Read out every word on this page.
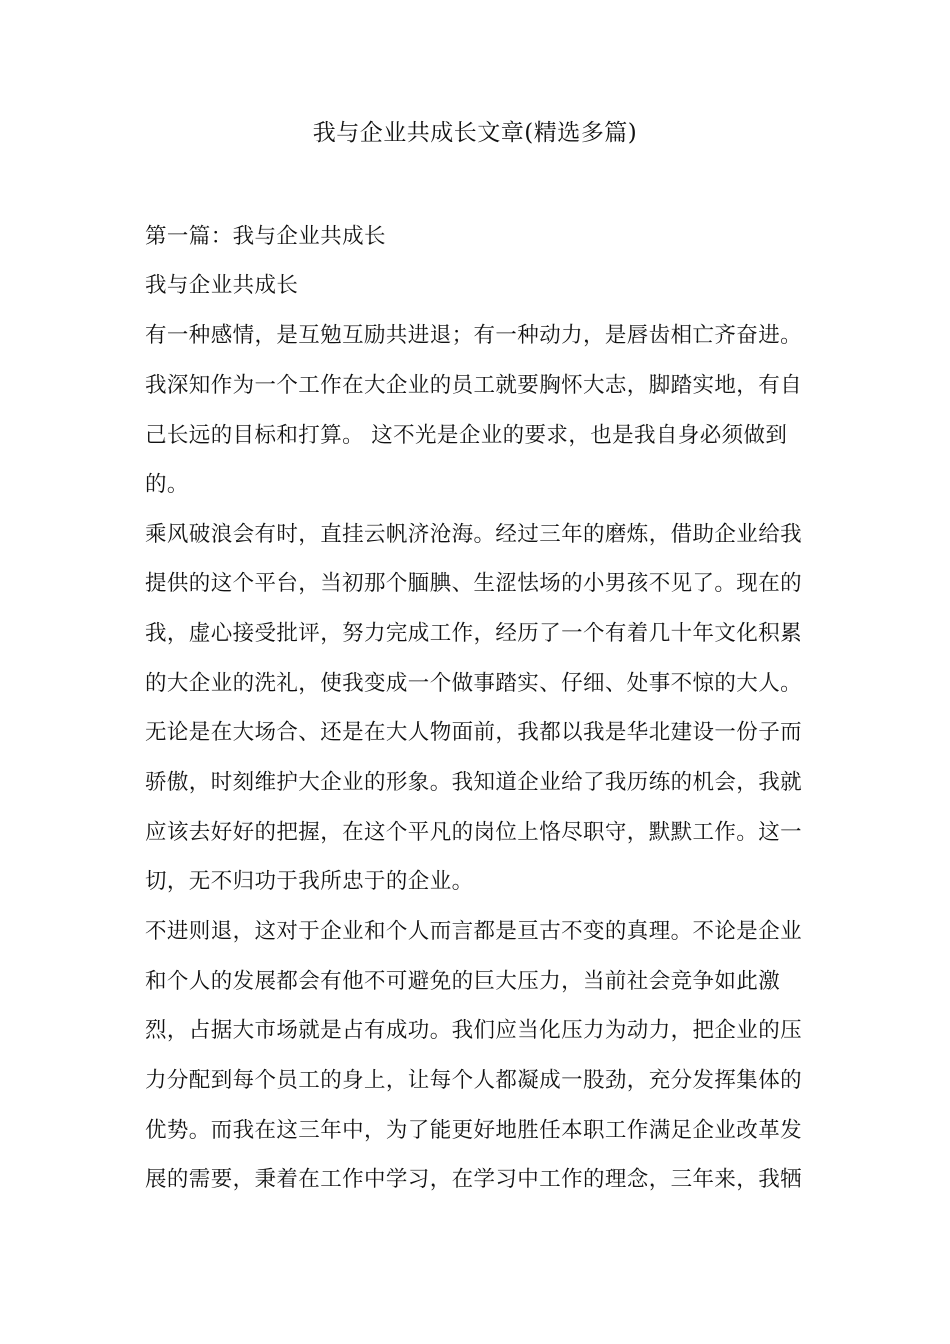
我与企业共成长文章(精选多篇)
第一篇：我与企业共成长
我与企业共成长
有一种感情，是互勉互励共进退；有一种动力，是唇齿相亡齐奋进。
我深知作为一个工作在大企业的员工就要胸怀大志，脚踏实地，有自
己长远的目标和打算。 这不光是企业的要求，也是我自身必须做到
的。
乘风破浪会有时，直挂云帆济沧海。经过三年的磨炼，借助企业给我
提供的这个平台，当初那个腼腆、生涩怯场的小男孩不见了。现在的
我，虚心接受批评，努力完成工作，经历了一个有着几十年文化积累
的大企业的洗礼，使我变成一个做事踏实、仔细、处事不惊的大人。
无论是在大场合、还是在大人物面前，我都以我是华北建设一份子而
骄傲，时刻维护大企业的形象。我知道企业给了我历练的机会，我就
应该去好好的把握，在这个平凡的岗位上恪尽职守，默默工作。这一
切，无不归功于我所忠于的企业。
不进则退，这对于企业和个人而言都是亘古不变的真理。不论是企业
和个人的发展都会有他不可避免的巨大压力，当前社会竞争如此激
烈，占据大市场就是占有成功。我们应当化压力为动力，把企业的压
力分配到每个员工的身上，让每个人都凝成一股劲，充分发挥集体的
优势。而我在这三年中，为了能更好地胜任本职工作满足企业改革发
展的需要，秉着在工作中学习，在学习中工作的理念，三年来，我牺
